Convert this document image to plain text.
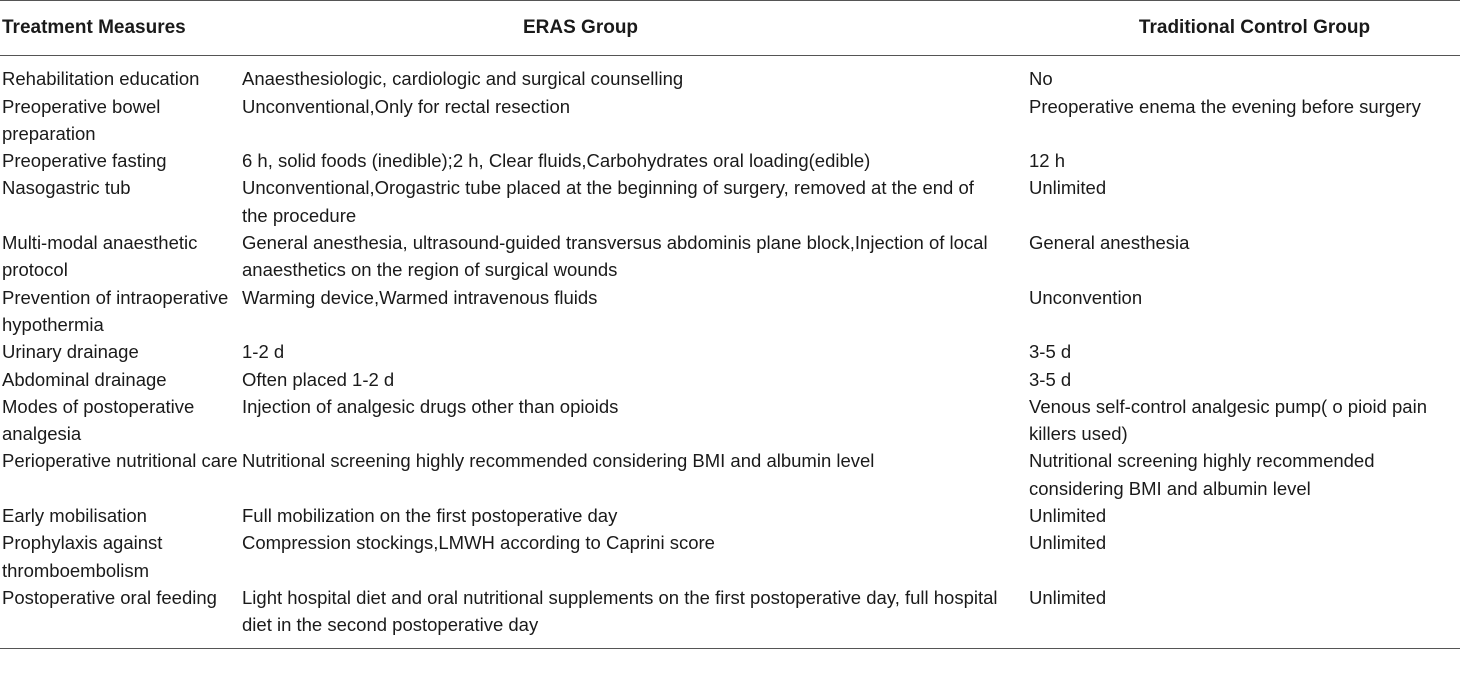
Treatment Measures	ERAS Group	Traditional Control Group
Rehabilitation education	Anaesthesiologic, cardiologic and surgical counselling	No
Preoperative bowel preparation	Unconventional,Only for rectal resection	Preoperative enema the evening before surgery
Preoperative fasting	6 h, solid foods (inedible);2 h, Clear fluids,Carbohydrates oral loading(edible)	12 h
Nasogastric tub	Unconventional,Orogastric tube placed at the beginning of surgery, removed at the end of the procedure	Unlimited
Multi-modal anaesthetic protocol	General anesthesia, ultrasound-guided transversus abdominis plane block,Injection of local anaesthetics on the region of surgical wounds	General anesthesia
Prevention of intraoperative hypothermia	Warming device,Warmed intravenous fluids	Unconvention
Urinary drainage	1-2 d	3-5 d
Abdominal drainage	Often placed 1-2 d	3-5 d
Modes of postoperative analgesia	Injection of analgesic drugs other than opioids	Venous self-control analgesic pump( o pioid pain killers used)
Perioperative nutritional care	Nutritional screening highly recommended considering BMI and albumin level	Nutritional screening highly recommended considering BMI and albumin level
Early mobilisation	Full mobilization on the first postoperative day	Unlimited
Prophylaxis against thromboembolism	Compression stockings,LMWH according to Caprini score	Unlimited
Postoperative oral feeding	Light hospital diet and oral nutritional supplements on the first postoperative day, full hospital diet in the second postoperative day	Unlimited
